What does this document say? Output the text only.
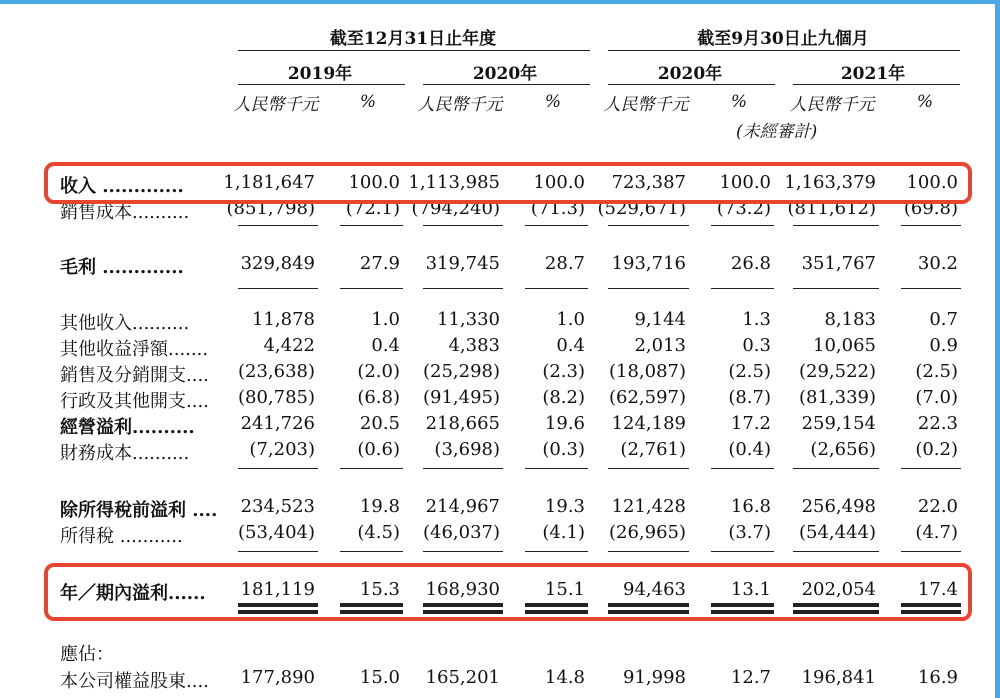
截至12月31日止年度	截至9月30日止九個月
2019年	2020年	2020年	2021年
人民幣千元 % 人民幣千元 % 人民幣千元 % 人民幣千元 %
(未經審計)
收入 ............. 1,181,647 100.0 1,113,985 100.0 723,387 100.0 1,163,379 100.0
銷售成本.......... (851,798) (72.1) (794,240) (71.3) (529,671) (73.2) (811,612) (69.8)
毛利 .............	329,849 27.9 319,745 28.7 193,716 26.8 351,767 30.2
其他收入..........	11,878	1.0 11,330	1.0	9,144	1.3	8,183	0.7
其他收益淨額.......	4,422	0.4	4,383	0.4	2,013	0.3 10,065	0.9
銷售及分銷開支.... (23,638) (2.0) (25,298) (2.3) (18,087) (2.5) (29,522) (2.5)
行政及其他開支.... (80,785) (6.8) (91,495) (8.2) (62,597) (8.7) (81,339) (7.0)
經營溢利..........	241,726 20.5 218,665 19.6 124,189 17.2 259,154 22.3
財務成本..........	(7,203) (0.6) (3,698) (0.3) (2,761) (0.4) (2,656) (0.2)
除所得稅前溢利 .... 234,523 19.8 214,967 19.3 121,428 16.8 256,498 22.0
所得稅 ...........	(53,404) (4.5) (46,037) (4.1) (26,965) (3.7) (54,444) (4.7)
年／期內溢利...... 181,119 15.3 168,930 15.1 94,463 13.1 202,054 17.4
應佔：
本公司權益股東.... 177,890 15.0 165,201 14.8 91,998 12.7 196,841 16.9
